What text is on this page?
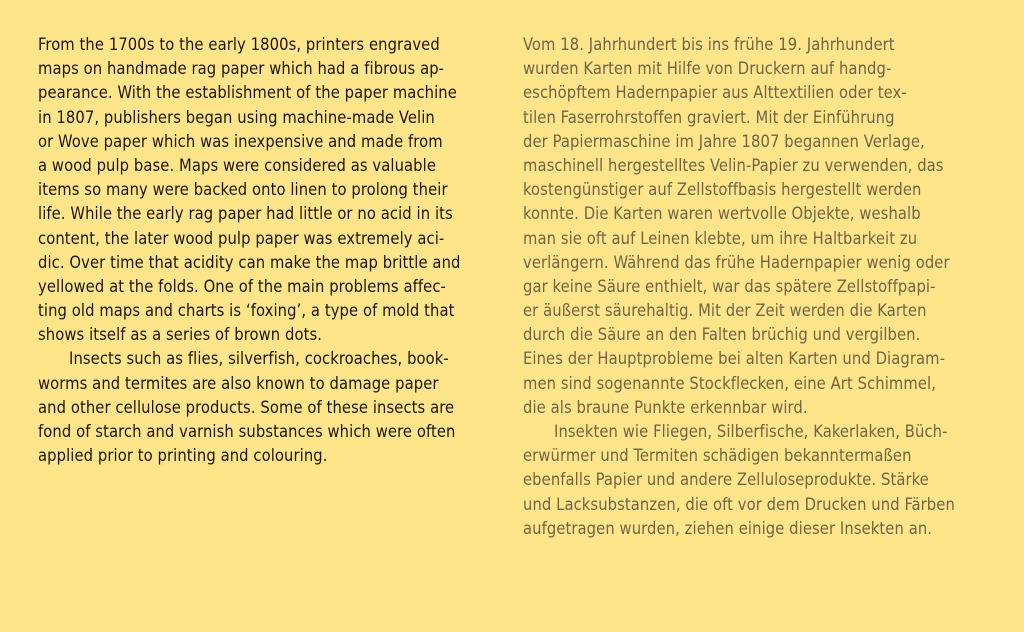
From the 1700s to the early 1800s, printers engraved
maps on handmade rag paper which had a fibrous ap-
pearance. With the establishment of the paper machine
in 1807, publishers began using machine-made Velin
or Wove paper which was inexpensive and made from
a wood pulp base. Maps were considered as valuable
items so many were backed onto linen to prolong their
life. While the early rag paper had little or no acid in its
content, the later wood pulp paper was extremely aci-
dic. Over time that acidity can make the map brittle and
yellowed at the folds. One of the main problems affec-
ting old maps and charts is ‘foxing’, a type of mold that
shows itself as a series of brown dots.
Insects such as flies, silverfish, cockroaches, book-
worms and termites are also known to damage paper
and other cellulose products. Some of these insects are
fond of starch and varnish substances which were often
applied prior to printing and colouring.
Vom 18. Jahrhundert bis ins frühe 19. Jahrhundert
wurden Karten mit Hilfe von Druckern auf handg-
eschöpftem Hadernpapier aus Alttextilien oder tex-
tilen Faserrohrstoffen graviert. Mit der Einführung
der Papiermaschine im Jahre 1807 begannen Verlage,
maschinell hergestelltes Velin-Papier zu verwenden, das
kostengünstiger auf Zellstoffbasis hergestellt werden
konnte. Die Karten waren wertvolle Objekte, weshalb
man sie oft auf Leinen klebte, um ihre Haltbarkeit zu
verlängern. Während das frühe Hadernpapier wenig oder
gar keine Säure enthielt, war das spätere Zellstoffpapi-
er äußerst säurehaltig. Mit der Zeit werden die Karten
durch die Säure an den Falten brüchig und vergilben.
Eines der Hauptprobleme bei alten Karten und Diagram-
men sind sogenannte Stockflecken, eine Art Schimmel,
die als braune Punkte erkennbar wird.
Insekten wie Fliegen, Silberfische, Kakerlaken, Büch-
erwürmer und Termiten schädigen bekanntermaßen
ebenfalls Papier und andere Zelluloseprodukte. Stärke
und Lacksubstanzen, die oft vor dem Drucken und Färben
aufgetragen wurden, ziehen einige dieser Insekten an.
